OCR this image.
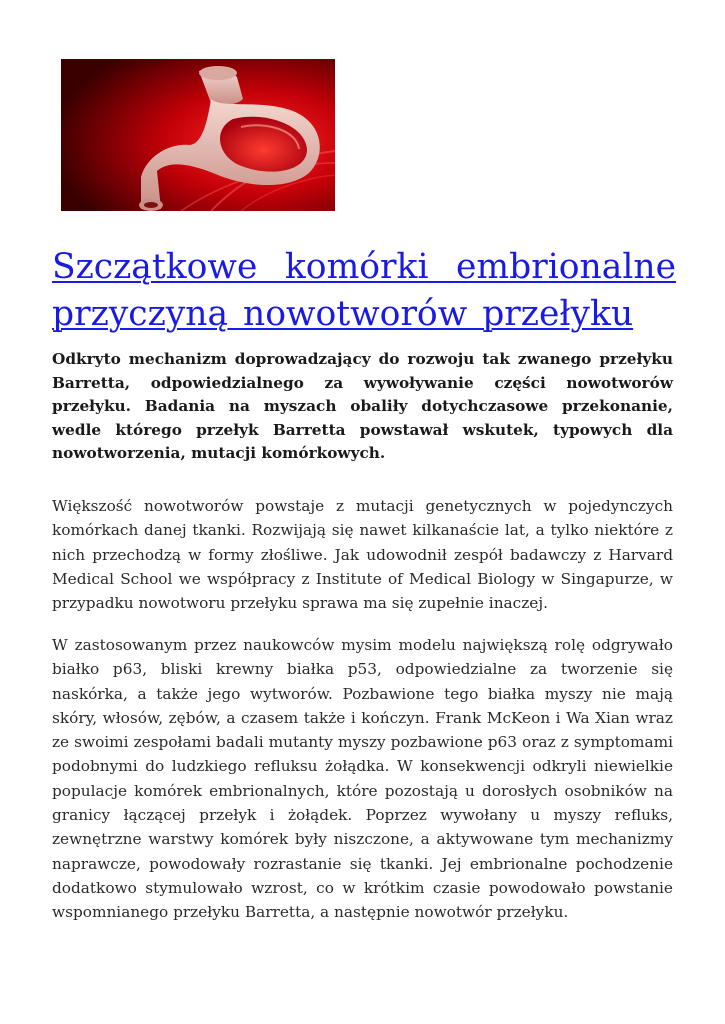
Szczątkowe komórki embrionalne przyczyną nowotworów przełyku

Odkryto mechanizm doprowadzający do rozwoju tak zwanego przełyku Barretta, odpowiedzialnego za wywoływanie części nowotworów przełyku. Badania na myszach obaliły dotychczasowe przekonanie, wedle którego przełyk Barretta powstawał wskutek, typowych dla nowotworzenia, mutacji komórkowych.

Większość nowotworów powstaje z mutacji genetycznych w pojedynczych komórkach danej tkanki. Rozwijają się nawet kilkanaście lat, a tylko niektóre z nich przechodzą w formy złośliwe. Jak udowodnił zespół badawczy z Harvard Medical School we współpracy z Institute of Medical Biology w Singapurze, w przypadku nowotworu przełyku sprawa ma się zupełnie inaczej.

W zastosowanym przez naukowców mysim modelu największą rolę odgrywało białko p63, bliski krewny białka p53, odpowiedzialne za tworzenie się naskórka, a także jego wytworów. Pozbawione tego białka myszy nie mają skóry, włosów, zębów, a czasem także i kończyn. Frank McKeon i Wa Xian wraz ze swoimi zespołami badali mutanty myszy pozbawione p63 oraz z symptomami podobnymi do ludzkiego refluksu żołądka. W konsekwencji odkryli niewielkie populacje komórek embrionalnych, które pozostają u dorosłych osobników na granicy łączącej przełyk i żołądek. Poprzez wywołany u myszy refluks, zewnętrzne warstwy komórek były niszczone, a aktywowane tym mechanizmy naprawcze, powodowały rozrastanie się tkanki. Jej embrionalne pochodzenie dodatkowo stymulowało wzrost, co w krótkim czasie powodowało powstanie wspomnianego przełyku Barretta, a następnie nowotwór przełyku.
